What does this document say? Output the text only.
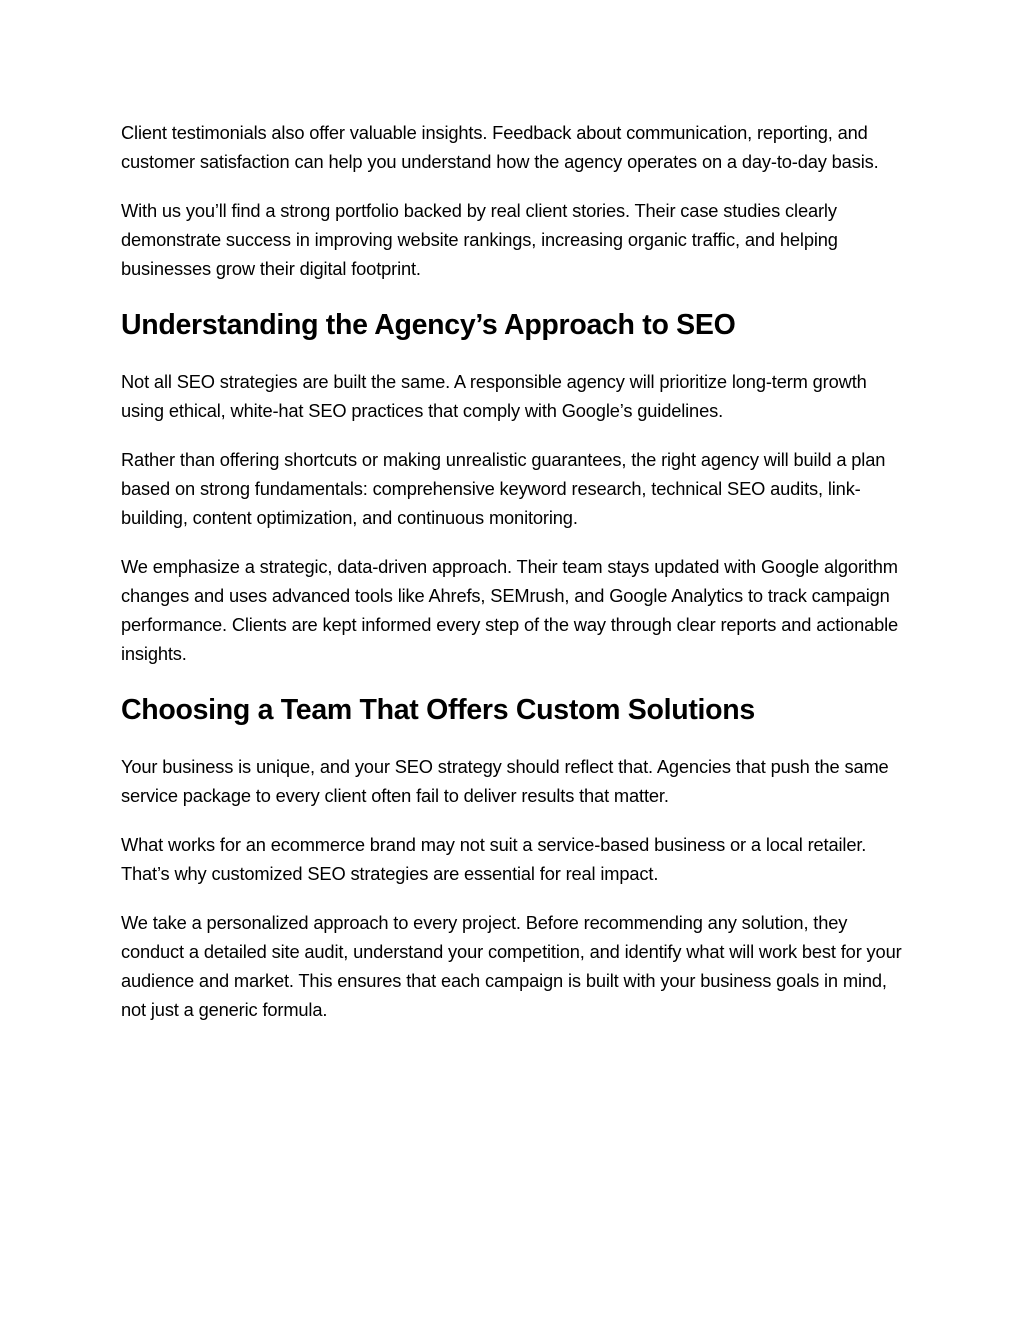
Client testimonials also offer valuable insights. Feedback about communication, reporting, and customer satisfaction can help you understand how the agency operates on a day-to-day basis.

With us you’ll find a strong portfolio backed by real client stories. Their case studies clearly demonstrate success in improving website rankings, increasing organic traffic, and helping businesses grow their digital footprint.

Understanding the Agency’s Approach to SEO

Not all SEO strategies are built the same. A responsible agency will prioritize long-term growth using ethical, white-hat SEO practices that comply with Google’s guidelines.

Rather than offering shortcuts or making unrealistic guarantees, the right agency will build a plan based on strong fundamentals: comprehensive keyword research, technical SEO audits, link-building, content optimization, and continuous monitoring.

We emphasize a strategic, data-driven approach. Their team stays updated with Google algorithm changes and uses advanced tools like Ahrefs, SEMrush, and Google Analytics to track campaign performance. Clients are kept informed every step of the way through clear reports and actionable insights.

Choosing a Team That Offers Custom Solutions

Your business is unique, and your SEO strategy should reflect that. Agencies that push the same service package to every client often fail to deliver results that matter.

What works for an ecommerce brand may not suit a service-based business or a local retailer. That’s why customized SEO strategies are essential for real impact.

We take a personalized approach to every project. Before recommending any solution, they conduct a detailed site audit, understand your competition, and identify what will work best for your audience and market. This ensures that each campaign is built with your business goals in mind, not just a generic formula.
